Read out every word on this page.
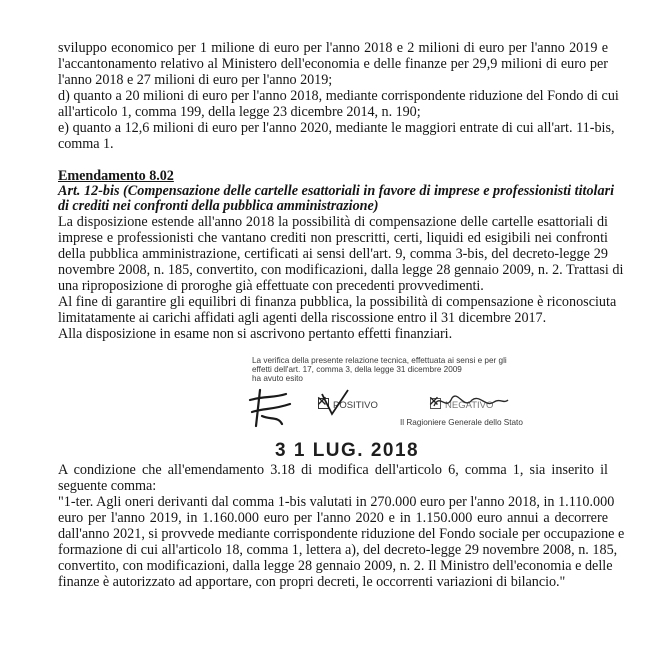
sviluppo economico per 1 milione di euro per l'anno 2018 e 2 milioni di euro per l'anno 2019 e
l'accantonamento relativo al Ministero dell'economia e delle finanze per 29,9 milioni di euro per
l'anno 2018 e 27 milioni di euro per l'anno 2019;
d) quanto a 20 milioni di euro per l'anno 2018, mediante corrispondente riduzione del Fondo di cui
all'articolo 1, comma 199, della legge 23 dicembre 2014, n. 190;
e) quanto a 12,6 milioni di euro per l'anno 2020, mediante le maggiori entrate di cui all'art. 11-bis,
comma 1.
Emendamento 8.02
Art. 12-bis (Compensazione delle cartelle esattoriali in favore di imprese e professionisti titolari
di crediti nei confronti della pubblica amministrazione)
La disposizione estende all'anno 2018 la possibilità di compensazione delle cartelle esattoriali di
imprese e professionisti che vantano crediti non prescritti, certi, liquidi ed esigibili nei confronti
della pubblica amministrazione, certificati ai sensi dell'art. 9, comma 3-bis, del decreto-legge 29
novembre 2008, n. 185, convertito, con modificazioni, dalla legge 28 gennaio 2009, n. 2. Trattasi di
una riproposizione di proroghe già effettuate con precedenti provvedimenti.
Al fine di garantire gli equilibri di finanza pubblica, la possibilità di compensazione è riconosciuta
limitatamente ai carichi affidati agli agenti della riscossione entro il 31 dicembre 2017.
Alla disposizione in esame non si ascrivono pertanto effetti finanziari.
La verifica della presente relazione tecnica, effettuata ai sensi e per gli
effetti dell'art. 17, comma 3, della legge 31 dicembre 2009
ha avuto esito
✕POSITIVO
✕	NEGATIVO
Il Ragioniere Generale dello Stato
3 1 LUG. 2018
A condizione che all'emendamento 3.18 di modifica dell'articolo 6, comma 1, sia inserito il
seguente comma:
"1-ter. Agli oneri derivanti dal comma 1-bis valutati in 270.000 euro per l'anno 2018, in 1.110.000
euro per l'anno 2019, in 1.160.000 euro per l'anno 2020 e in 1.150.000 euro annui a decorrere
dall'anno 2021, si provvede mediante corrispondente riduzione del Fondo sociale per occupazione e
formazione di cui all'articolo 18, comma 1, lettera a), del decreto-legge 29 novembre 2008, n. 185,
convertito, con modificazioni, dalla legge 28 gennaio 2009, n. 2. Il Ministro dell'economia e delle
finanze è autorizzato ad apportare, con propri decreti, le occorrenti variazioni di bilancio."
